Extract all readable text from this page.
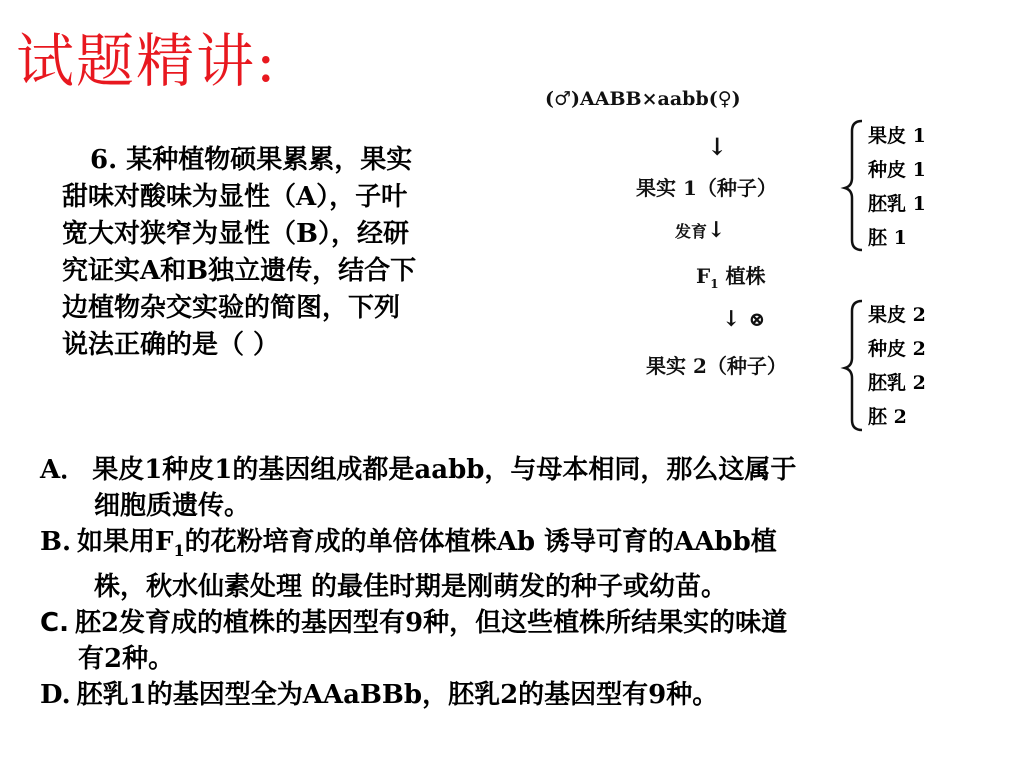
试题精讲:
6. 某种植物硕果累累，果实
甜味对酸味为显性（A），子叶
宽大对狭窄为显性（B），经研
究证实A和B独立遗传，结合下
边植物杂交实验的简图，下列
说法正确的是（ ）
(♂)AABB×aabb(♀)
↓
果实 1（种子）
发育↓
$F_1$ 植株
↓ ⊗
果实 2（种子）
果皮 1
种皮 1
胚乳 1
胚 1
果皮 2
种皮 2
胚乳 2
胚 2
A． 果皮1种皮1的基因组成都是aabb，与母本相同，那么这属于
细胞质遗传。
B. 如果用$F_1$的花粉培育成的单倍体植株Ab 诱导可育的AAbb植
株，秋水仙素处理 的最佳时期是刚萌发的种子或幼苗。
C. 胚2发育成的植株的基因型有9种，但这些植株所结果实的味道
有2种。
D. 胚乳1的基因型全为AAaBBb，胚乳2的基因型有9种。
